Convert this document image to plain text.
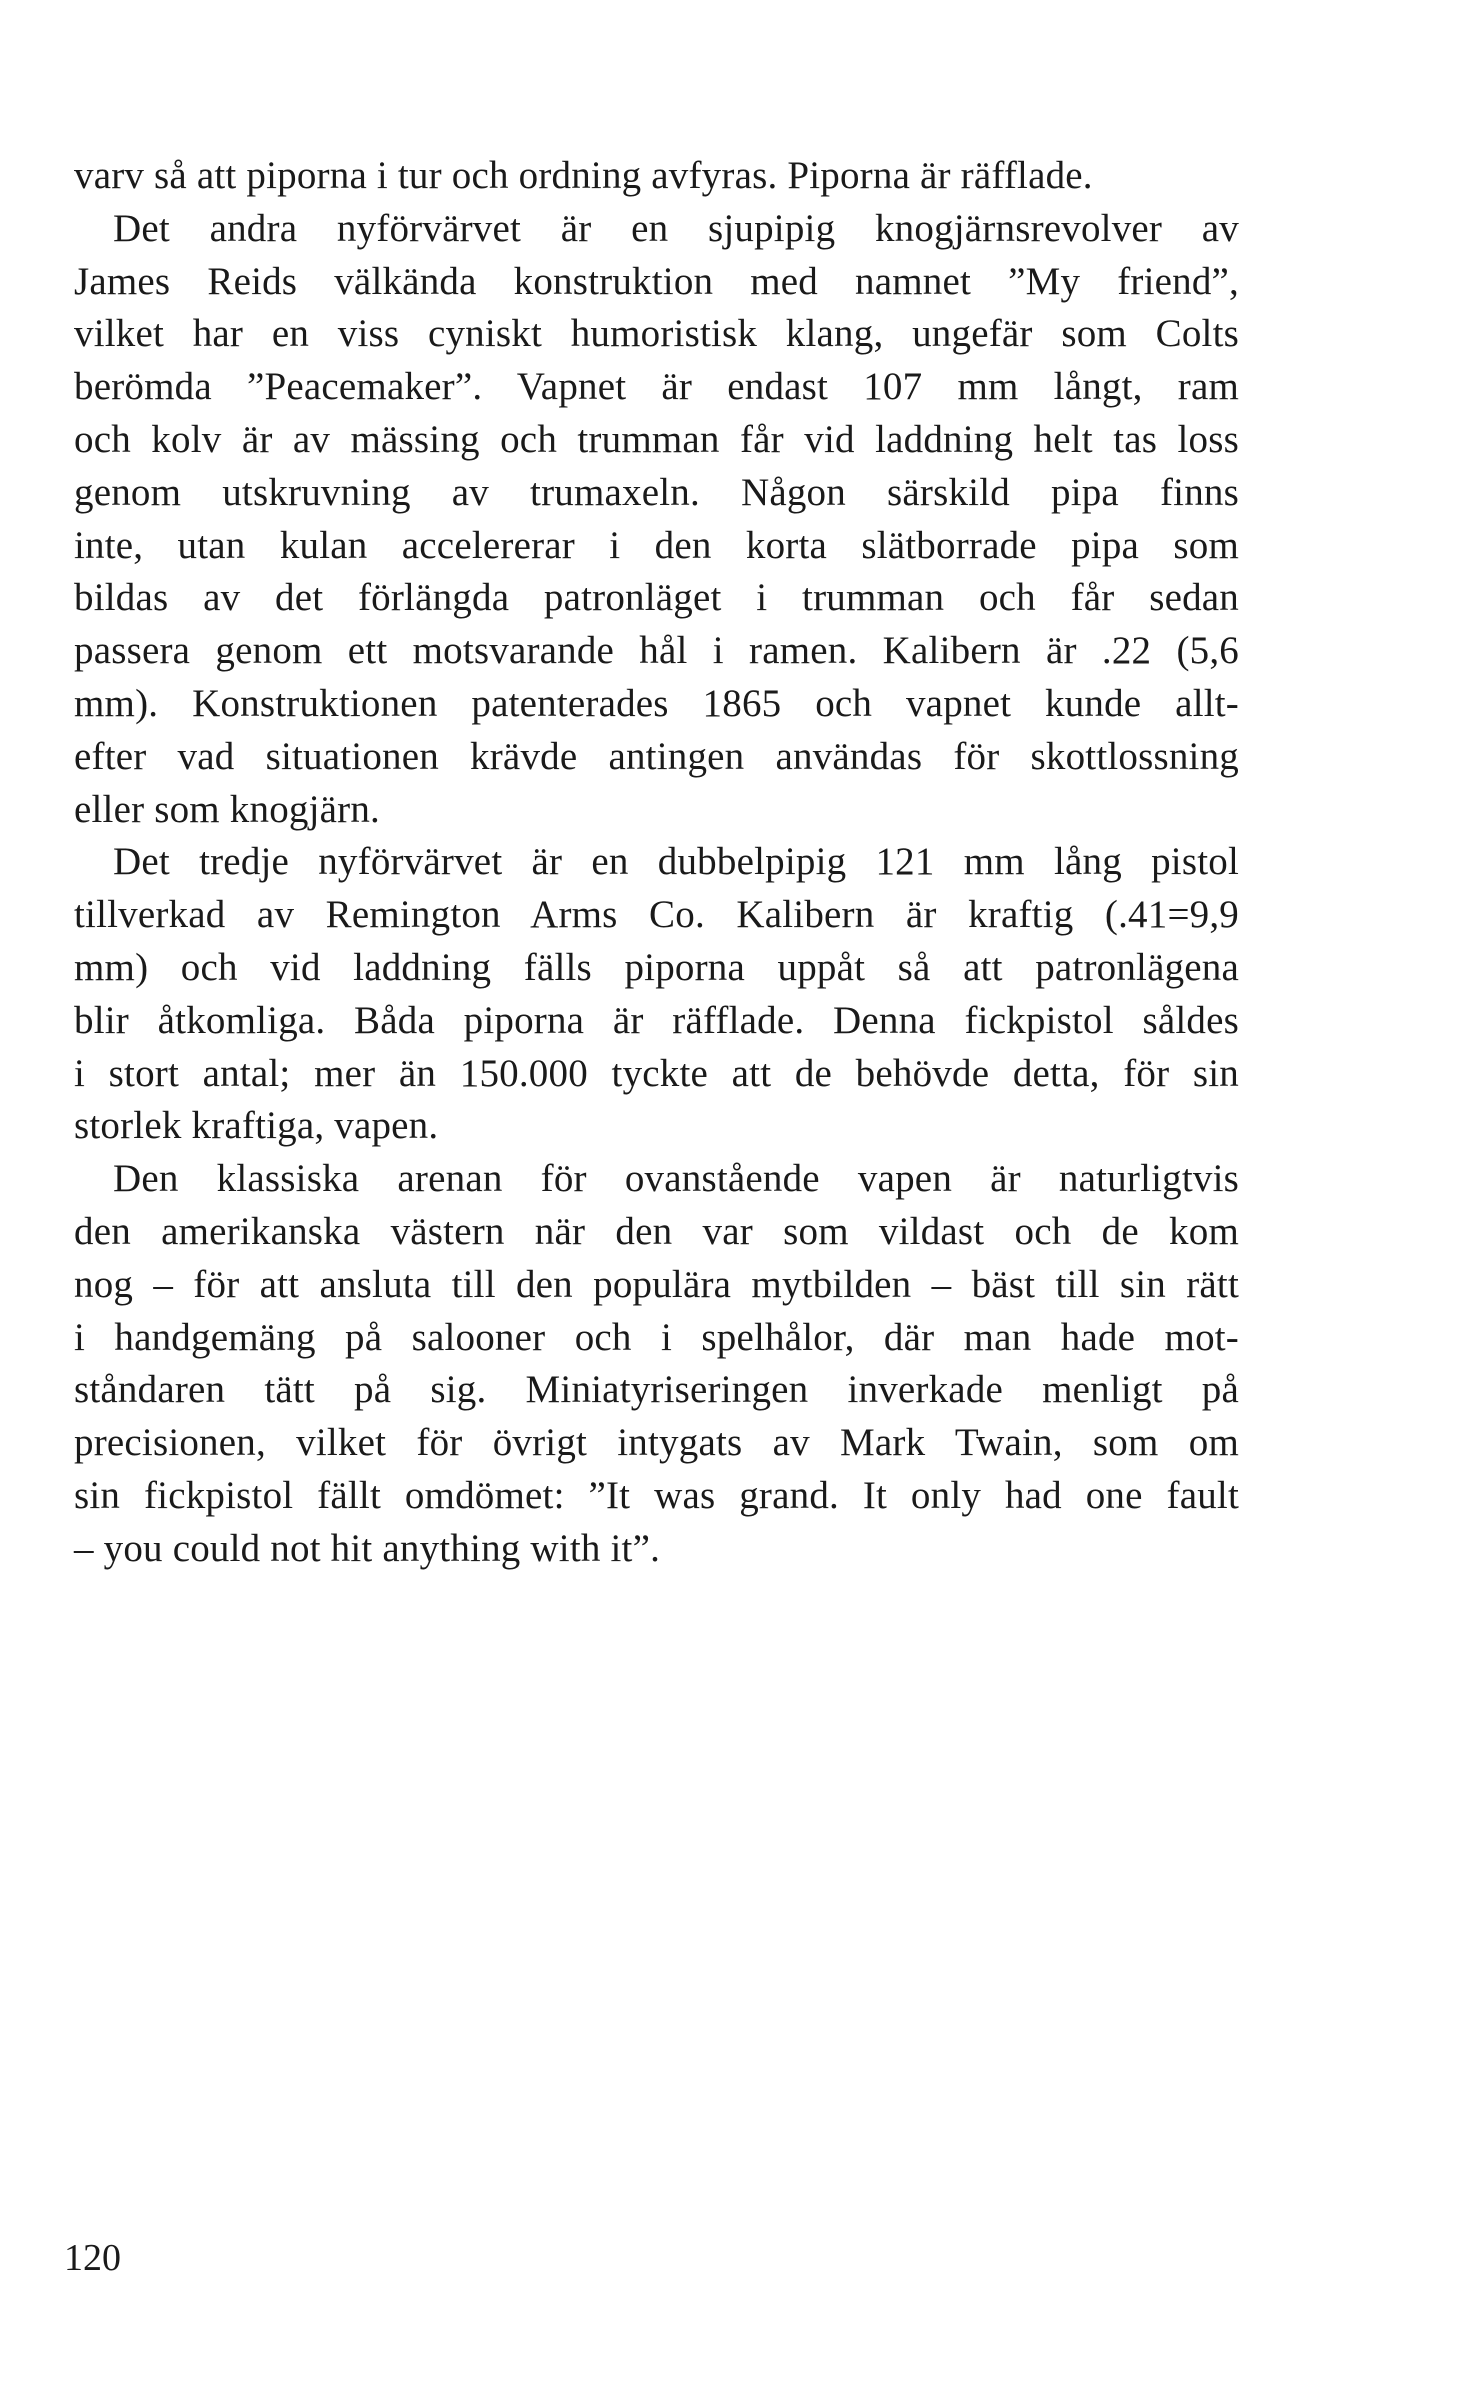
varv så att piporna i tur och ordning avfyras. Piporna är räfflade.
Det andra nyförvärvet är en sjupipig knogjärnsrevolver av
James Reids välkända konstruktion med namnet ”My friend”,
vilket har en viss cyniskt humoristisk klang, ungefär som Colts
berömda ”Peacemaker”. Vapnet är endast 107 mm långt, ram
och kolv är av mässing och trumman får vid laddning helt tas loss
genom utskruvning av trumaxeln. Någon särskild pipa finns
inte, utan kulan accelererar i den korta slätborrade pipa som
bildas av det förlängda patronläget i trumman och får sedan
passera genom ett motsvarande hål i ramen. Kalibern är .22 (5,6
mm). Konstruktionen patenterades 1865 och vapnet kunde allt-
efter vad situationen krävde antingen användas för skottlossning
eller som knogjärn.
Det tredje nyförvärvet är en dubbelpipig 121 mm lång pistol
tillverkad av Remington Arms Co. Kalibern är kraftig (.41=9,9
mm) och vid laddning fälls piporna uppåt så att patronlägena
blir åtkomliga. Båda piporna är räfflade. Denna fickpistol såldes
i stort antal; mer än 150.000 tyckte att de behövde detta, för sin
storlek kraftiga, vapen.
Den klassiska arenan för ovanstående vapen är naturligtvis
den amerikanska västern när den var som vildast och de kom
nog – för att ansluta till den populära mytbilden – bäst till sin rätt
i handgemäng på salooner och i spelhålor, där man hade mot-
ståndaren tätt på sig. Miniatyriseringen inverkade menligt på
precisionen, vilket för övrigt intygats av Mark Twain, som om
sin fickpistol fällt omdömet: ”It was grand. It only had one fault
– you could not hit anything with it”.
120
